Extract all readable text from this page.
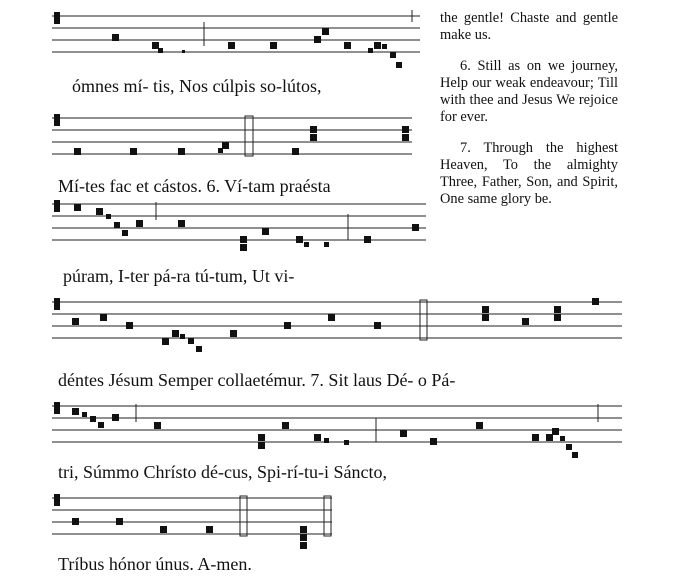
ómnes mí- tis, Nos cúlpis so-lútos,
Mí-tes fac et cástos. 6. Ví-tam praésta
púram, I-ter pá-ra tú-tum, Ut vi-
déntes Jésum Semper collaetémur. 7. Sit laus Dé- o Pá-
tri, Súmmo Chrísto dé-cus, Spi-rí-tu-i Sáncto,
Tríbus hónor únus. A-men.

the gentle! Chaste and gentle make us.

6. Still as on we journey, Help our weak endeavour; Till with thee and Jesus We rejoice for ever.

7. Through the highest Heaven, To the almighty Three, Father, Son, and Spirit, One same glory be.
